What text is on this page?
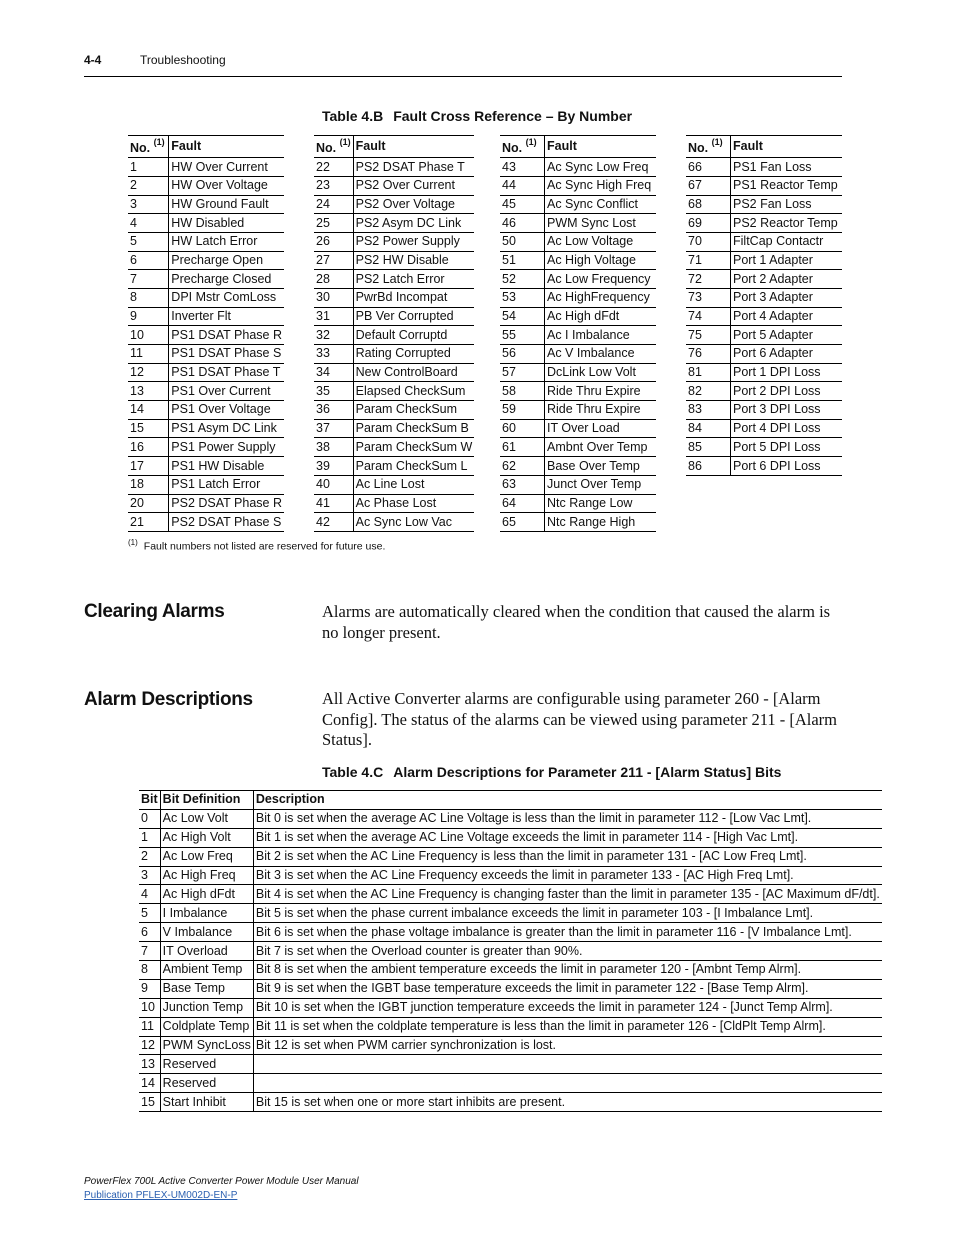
4-4	Troubleshooting
Table 4.B Fault Cross Reference – By Number
No. $^{(1)}$	Fault
1	HW Over Current
2	HW Over Voltage
3	HW Ground Fault
4	HW Disabled
5	HW Latch Error
6	Precharge Open
7	Precharge Closed
8	DPI Mstr ComLoss
9	Inverter Flt
10	PS1 DSAT Phase R
11	PS1 DSAT Phase S
12	PS1 DSAT Phase T
13	PS1 Over Current
14	PS1 Over Voltage
15	PS1 Asym DC Link
16	PS1 Power Supply
17	PS1 HW Disable
18	PS1 Latch Error
20	PS2 DSAT Phase R
21	PS2 DSAT Phase S
No. $^{(1)}$	Fault
22	PS2 DSAT Phase T
23	PS2 Over Current
24	PS2 Over Voltage
25	PS2 Asym DC Link
26	PS2 Power Supply
27	PS2 HW Disable
28	PS2 Latch Error
30	PwrBd Incompat
31	PB Ver Corrupted
32	Default Corruptd
33	Rating Corrupted
34	New ControlBoard
35	Elapsed CheckSum
36	Param CheckSum
37	Param CheckSum B
38	Param CheckSum W
39	Param CheckSum L
40	Ac Line Lost
41	Ac Phase Lost
42	Ac Sync Low Vac
No. $^{(1)}$	Fault
43	Ac Sync Low Freq
44	Ac Sync High Freq
45	Ac Sync Conflict
46	PWM Sync Lost
50	Ac Low Voltage
51	Ac High Voltage
52	Ac Low Frequency
53	Ac HighFrequency
54	Ac High dFdt
55	Ac I Imbalance
56	Ac V Imbalance
57	DcLink Low Volt
58	Ride Thru Expire
59	Ride Thru Expire
60	IT Over Load
61	Ambnt Over Temp
62	Base Over Temp
63	Junct Over Temp
64	Ntc Range Low
65	Ntc Range High
No. $^{(1)}$	Fault
66	PS1 Fan Loss
67	PS1 Reactor Temp
68	PS2 Fan Loss
69	PS2 Reactor Temp
70	FiltCap Contactr
71	Port 1 Adapter
72	Port 2 Adapter
73	Port 3 Adapter
74	Port 4 Adapter
75	Port 5 Adapter
76	Port 6 Adapter
81	Port 1 DPI Loss
82	Port 2 DPI Loss
83	Port 3 DPI Loss
84	Port 4 DPI Loss
85	Port 5 DPI Loss
86	Port 6 DPI Loss
$^{(1)}$ Fault numbers not listed are reserved for future use.
Clearing Alarms	Alarms are automatically cleared when the condition that caused the alarm is no longer present.
Alarm Descriptions	All Active Converter alarms are configurable using parameter 260 - [Alarm Config]. The status of the alarms can be viewed using parameter 211 - [Alarm Status].
Table 4.C Alarm Descriptions for Parameter 211 - [Alarm Status] Bits
Bit	Bit Definition	Description
0	Ac Low Volt	Bit 0 is set when the average AC Line Voltage is less than the limit in parameter 112 - [Low Vac Lmt].
1	Ac High Volt	Bit 1 is set when the average AC Line Voltage exceeds the limit in parameter 114 - [High Vac Lmt].
2	Ac Low Freq	Bit 2 is set when the AC Line Frequency is less than the limit in parameter 131 - [AC Low Freq Lmt].
3	Ac High Freq	Bit 3 is set when the AC Line Frequency exceeds the limit in parameter 133 - [AC High Freq Lmt].
4	Ac High dFdt	Bit 4 is set when the AC Line Frequency is changing faster than the limit in parameter 135 - [AC Maximum dF/dt].
5	I Imbalance	Bit 5 is set when the phase current imbalance exceeds the limit in parameter 103 - [I Imbalance Lmt].
6	V Imbalance	Bit 6 is set when the phase voltage imbalance is greater than the limit in parameter 116 - [V Imbalance Lmt].
7	IT Overload	Bit 7 is set when the Overload counter is greater than 90%.
8	Ambient Temp	Bit 8 is set when the ambient temperature exceeds the limit in parameter 120 - [Ambnt Temp Alrm].
9	Base Temp	Bit 9 is set when the IGBT base temperature exceeds the limit in parameter 122 - [Base Temp Alrm].
10	Junction Temp	Bit 10 is set when the IGBT junction temperature exceeds the limit in parameter 124 - [Junct Temp Alrm].
11	Coldplate Temp	Bit 11 is set when the coldplate temperature is less than the limit in parameter 126 - [CldPlt Temp Alrm].
12	PWM SyncLoss	Bit 12 is set when PWM carrier synchronization is lost.
13	Reserved	
14	Reserved	
15	Start Inhibit	Bit 15 is set when one or more start inhibits are present.
PowerFlex 700L Active Converter Power Module User Manual
Publication PFLEX-UM002D-EN-P
